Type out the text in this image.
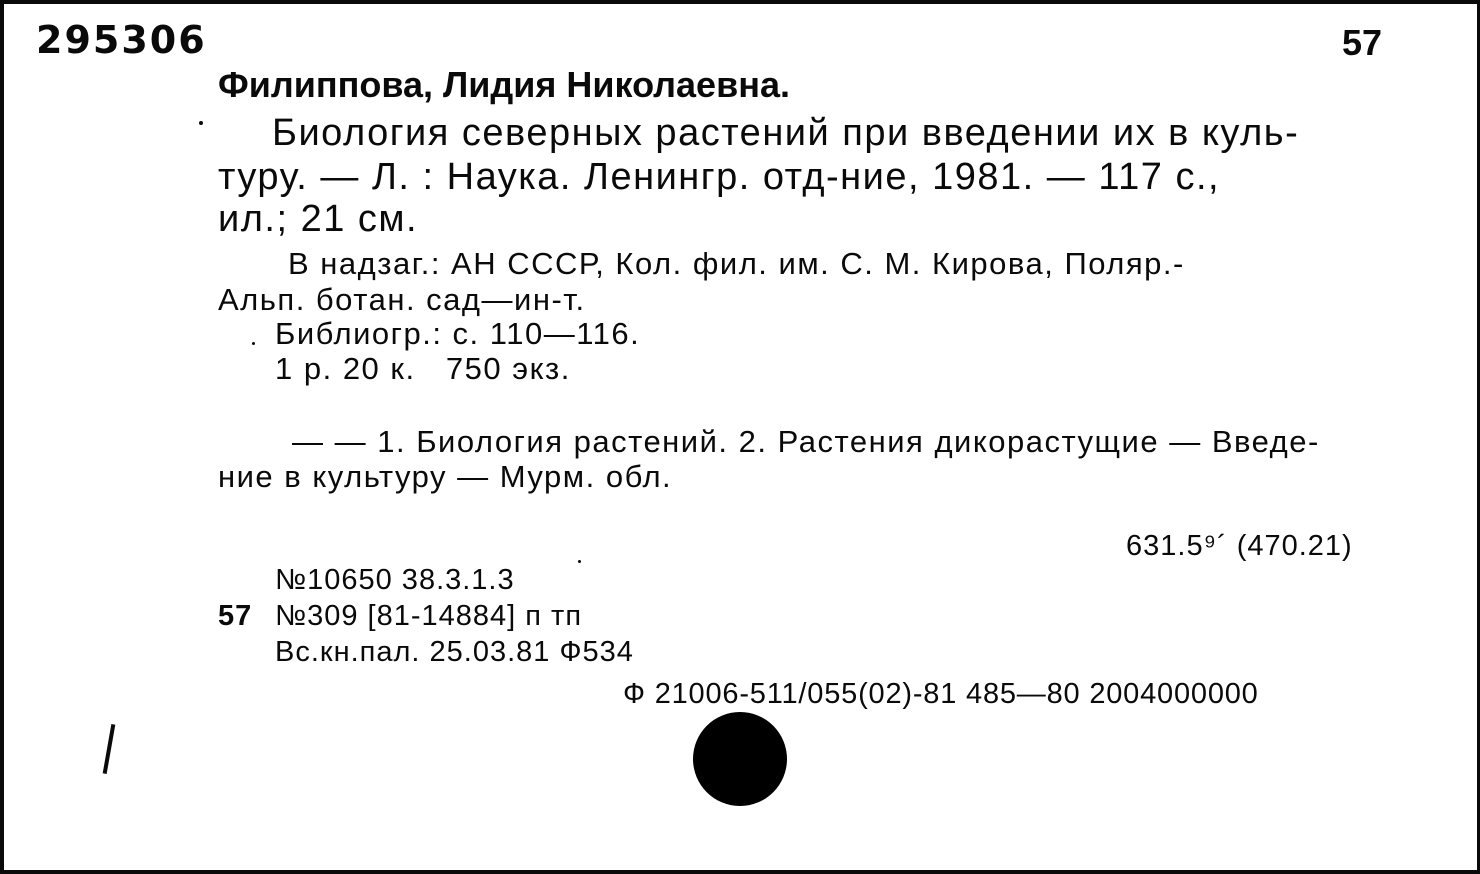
295306	57
Филиппова, Лидия Николаевна.
Биология северных растений при введении их в куль-
туру. — Л. : Наука. Ленингр. отд-ние, 1981. — 117 с.,
ил.; 21 см.
В надзаг.: АН СССР, Кол. фил. им. С. М. Кирова, Поляр.-
Альп. ботан. сад—ин-т.
Библиогр.: с. 110—116.
1 р. 20 к.   750 экз.
— — 1. Биология растений. 2. Растения дикорастущие — Введе-
ние в культуру — Мурм. обл.
631.5⁹´ (470.21)
№10650 38.3.1.3
57 №309 [81-14884] п тп
Вс.кн.пал. 25.03.81 Ф534
Ф 21006-511/055(02)-81 485—80 2004000000
